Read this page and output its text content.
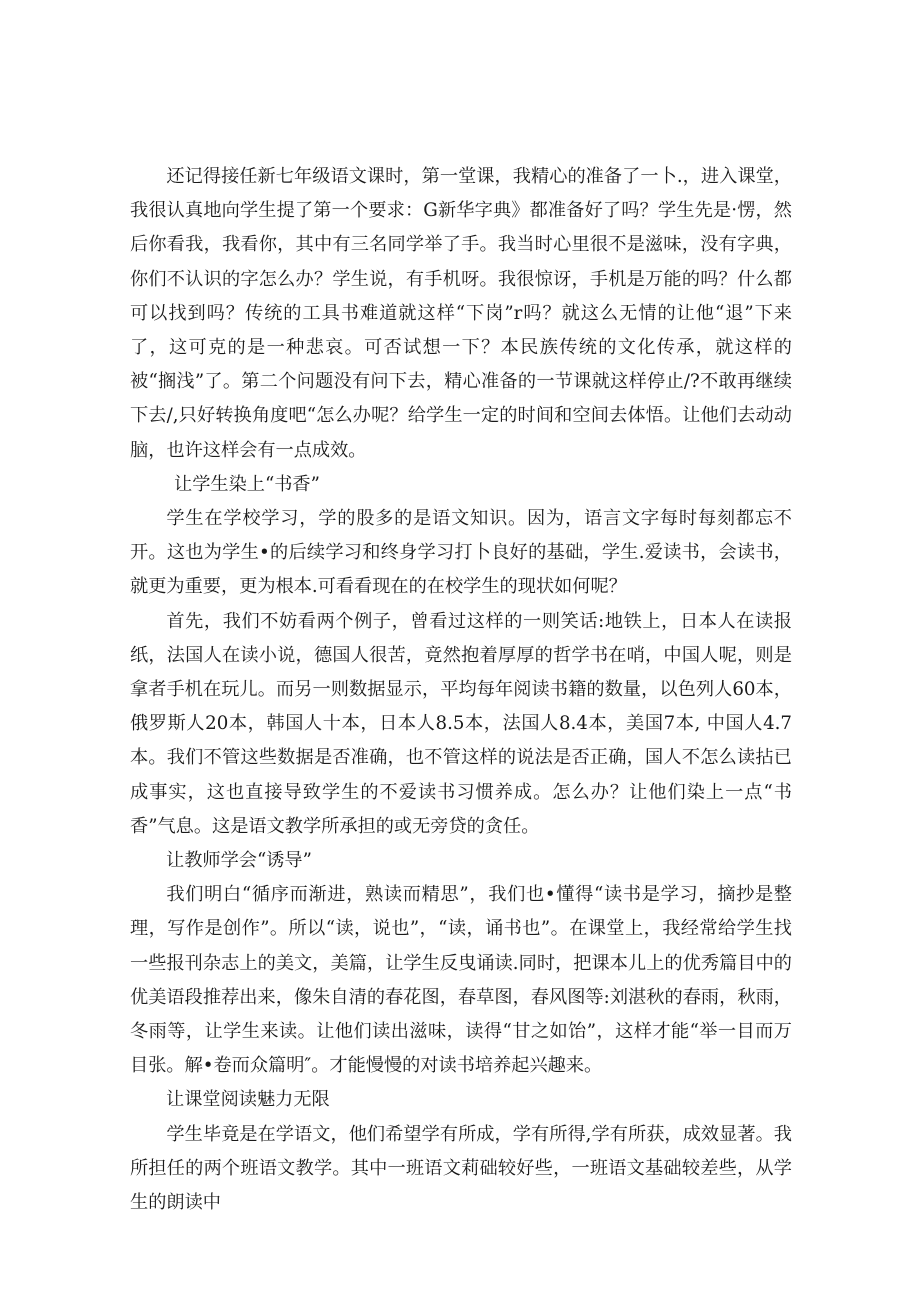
还记得接任新七年级语文课时，第一堂课，我精心的准备了一卜.，进入课堂，我很认真地向学生提了第一个要求：G新华字典》都准备好了吗？学生先是·愣，然后你看我，我看你，其中有三名同学举了手。我当时心里很不是滋味，没有字典，你们不认识的字怎么办？学生说，有手机呀。我很惊讶，手机是万能的吗？什么都可以找到吗？传统的工具书难道就这样“下岗”r吗？就这么无情的让他“退”下来了，这可克的是一种悲哀。可否试想一下？本民族传统的文化传承，就这样的被“搁浅”了。第二个问题没有问下去，精心准备的一节课就这样停止/?不敢再继续下去/,只好转换角度吧“怎么办呢？给学生一定的时间和空间去体悟。让他们去动动脑，也许这样会有一点成效。

让学生染上“书香”

学生在学校学习，学的股多的是语文知识。因为，语言文字每时每刻都忘不开。这也为学生•的后续学习和终身学习打卜良好的基础，学生.爱读书，会读书，就更为重要，更为根本.可看看现在的在校学生的现状如何呢？

首先，我们不妨看两个例子，曾看过这样的一则笑话:地铁上，日本人在读报纸，法国人在读小说，德国人很苦，竟然抱着厚厚的哲学书在哨，中国人呢，则是拿者手机在玩儿。而另一则数据显示，平均每年阅读书籍的数量，以色列人60本，俄罗斯人20本，韩国人十本，日本人8.5本，法国人8.4本，美国7本, 中国人4.7本。我们不管这些数据是否准确，也不管这样的说法是否正确，国人不怎么读拈已成事实，这也直接导致学生的不爱读书习惯养成。怎么办？让他们染上一点“书香”气息。这是语文教学所承担的或无旁贷的贪任。

让教师学会“诱导”

我们明白“循序而渐进，熟读而精思”，我们也•懂得“读书是学习，摘抄是整理，写作是创作”。所以“读，说也”，“读，诵书也”。在课堂上，我经常给学生找一些报刊杂志上的美文，美篇，让学生反曳诵读.同时，把课本儿上的优秀篇目中的优美语段推荐出来，像朱自清的春花图，春草图，春风图等:刘湛秋的春雨，秋雨，冬雨等，让学生来读。让他们读出滋味，读得“甘之如饴”，这样才能“举一目而万目张。解•卷而众篇明″。才能慢慢的对读书培养起兴趣来。

让课堂阅读魅力无限

学生毕竟是在学语文，他们希望学有所成，学有所得,学有所获，成效显著。我所担任的两个班语文教学。其中一班语文莉础较好些，一班语文基础较差些，从学生的朗读中
